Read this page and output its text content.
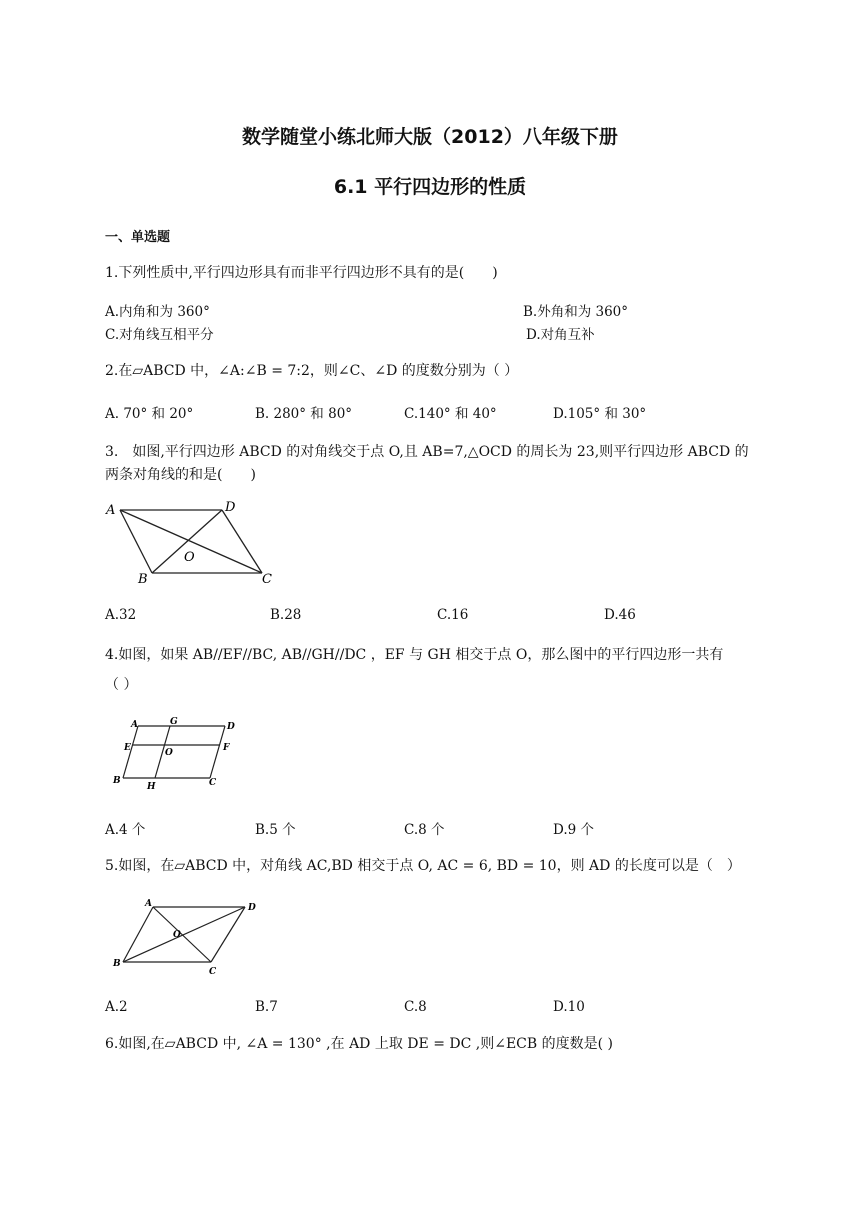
数学随堂小练北师大版（2012）八年级下册
6.1 平行四边形的性质
一、单选题
1.下列性质中,平行四边形具有而非平行四边形不具有的是(　　)
A.内角和为 360°	B.外角和为 360°
C.对角线互相平分	D.对角互补
2.在▱ABCD 中，∠A:∠B = 7:2，则∠C、∠D 的度数分别为（ ）
A. 70° 和 20°	B. 280° 和 80°	C.140° 和 40°	D.105° 和 30°
3.　如图,平行四边形 ABCD 的对角线交于点 O,且 AB=7,△OCD 的周长为 23,则平行四边形 ABCD 的
两条对角线的和是(　　)
A	D
O
B	C
A.32	B.28	C.16	D.46
4.如图，如果 AB//EF//BC, AB//GH//DC ，EF 与 GH 相交于点 O，那么图中的平行四边形一共有
（ ）
A	G	D
E	O	F
B
H	C
A.4 个	B.5 个	C.8 个	D.9 个
5.如图，在▱ABCD 中，对角线 AC,BD 相交于点 O, AC = 6, BD = 10，则 AD 的长度可以是（　）
A	D
O
B
C
A.2	B.7	C.8	D.10
6.如图,在▱ABCD 中, ∠A = 130° ,在 AD 上取 DE = DC ,则∠ECB 的度数是( )
